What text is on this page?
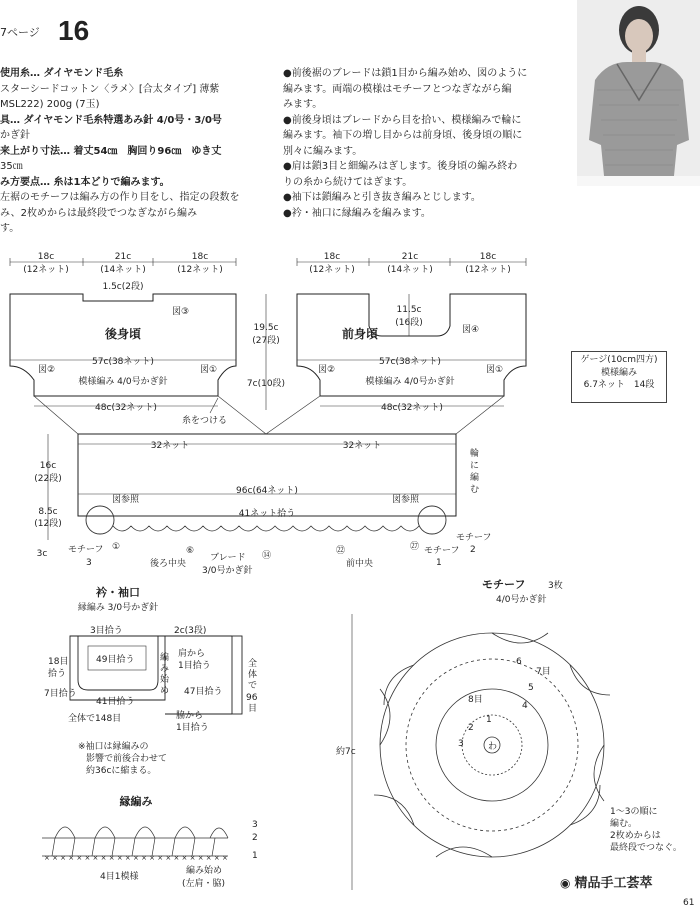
7ページ 16
使用糸… ダイヤモンド毛糸
スターシードコットン〈ラメ〉[合太タイプ] 薄紫
MSL222) 200g (7玉)
具… ダイヤモンド毛糸特選あみ針 4/0号・3/0号
かぎ針
来上がり寸法… 着丈54㎝　胸回り96㎝　ゆき丈
35㎝
み方要点… 糸は1本どりで編みます。
左裾のモチーフは編み方の作り目をし、指定の段数を
み、2枚めからは最終段でつなぎながら編み
す。
●前後裾のブレードは鎖1目から編み始め、図のように
編みます。両端の模様はモチーフとつなぎながら編
みます。
●前後身頃はブレードから目を拾い、模様編みで輪に
編みます。袖下の増し目からは前身頃、後身頃の順に
別々に編みます。
●肩は鎖3目と細編みはぎします。後身頃の編み終わ
りの糸から続けてはぎます。
●袖下は鎖編みと引き抜き編みとじします。
●衿・袖口に縁編みを編みます。
ゲージ(10cm四方)
模様編み
6.7ネット　14段
18c
(12ネット)
21c
(14ネット)
18c
(12ネット)
1.5c(2段)
後身頃
57c(38ネット)
模様編み 4/0号かぎ針
図③
図②	図①
48c(32ネット)
糸をつける
19.5c
(27段)
7c(10段)
18c
(12ネット)
21c
(14ネット)
18c
(12ネット)
11.5c
(16段)
前身頃	図④
57c(38ネット)
模様編み 4/0号かぎ針
図②	図①
48c(32ネット)
32ネット	32ネット
輪
に
編
む
16c
(22段)
96c(64ネット)
図参照	図参照
41ネット拾う
8.5c
(12段)
3c モチーフ
3
①	⑥	⑭	㉒	㉗
後ろ中央
ブレード
3/0号かぎ針
前中央
モチーフ
1
モチーフ
2
衿・袖口
縁編み 3/0号かぎ針
3目拾う	2c(3段)
49目拾う
18目
拾う
編
み
始
め
肩から
1目拾う
7目拾う
41目拾う
47目拾う
全体で148目	脇から
1目拾う
全
体
で
96
目
※袖口は縁編みの
影響で前後合わせて
約36cに縮まる。
縁編み
× × × × × × × × × × × × × × × × × × × × × × ×
3
2
1
編み始め
(左肩・脇)
4目1模様
モチーフ	3枚
4/0号かぎ針
約7c	わ
6
7目
5
4
8目
1
2
3
1〜3の順に
編む。
2枚めからは
最終段でつなぐ。
◉ 精品手工荟萃
61
